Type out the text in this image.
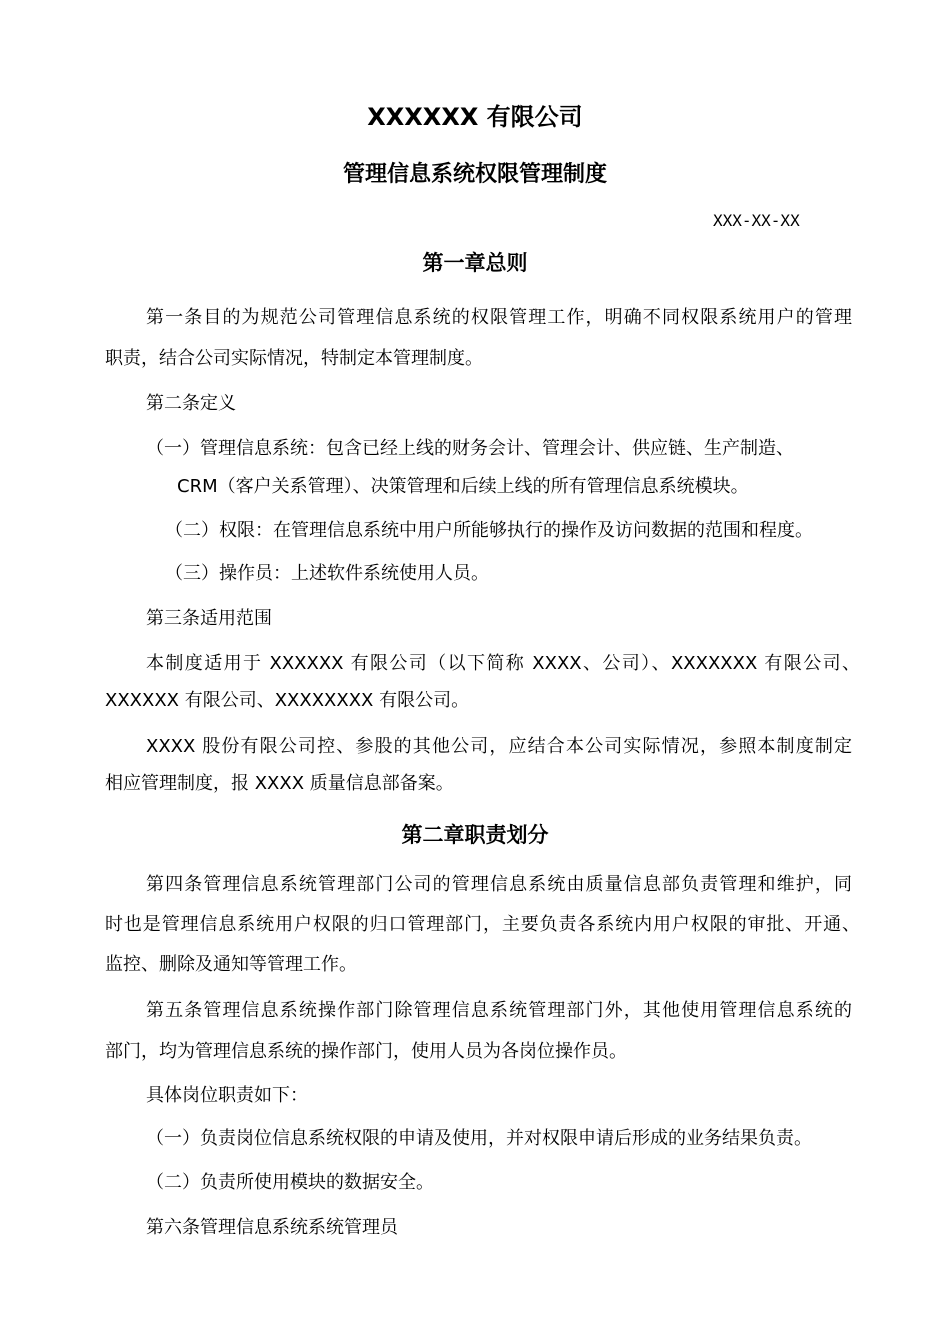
XXXXXX 有限公司
管理信息系统权限管理制度

XXX-XX-XX

第一章总则

第一条目的为规范公司管理信息系统的权限管理工作，明确不同权限系统用户的管理

职责，结合公司实际情况，特制定本管理制度。

第二条定义

（一）管理信息系统：包含已经上线的财务会计、管理会计、供应链、生产制造、

CRM（客户关系管理）、决策管理和后续上线的所有管理信息系统模块。

（二）权限：在管理信息系统中用户所能够执行的操作及访问数据的范围和程度。

（三）操作员：上述软件系统使用人员。

第三条适用范围

本制度适用于 XXXXXX 有限公司（以下简称 XXXX、公司）、XXXXXXX 有限公司、

XXXXXX 有限公司、XXXXXXXX 有限公司。

XXXX 股份有限公司控、参股的其他公司，应结合本公司实际情况，参照本制度制定

相应管理制度，报 XXXX 质量信息部备案。

第二章职责划分

第四条管理信息系统管理部门公司的管理信息系统由质量信息部负责管理和维护，同

时也是管理信息系统用户权限的归口管理部门，主要负责各系统内用户权限的审批、开通、

监控、删除及通知等管理工作。

第五条管理信息系统操作部门除管理信息系统管理部门外，其他使用管理信息系统的

部门，均为管理信息系统的操作部门，使用人员为各岗位操作员。

具体岗位职责如下：

（一）负责岗位信息系统权限的申请及使用，并对权限申请后形成的业务结果负责。

（二）负责所使用模块的数据安全。

第六条管理信息系统系统管理员
